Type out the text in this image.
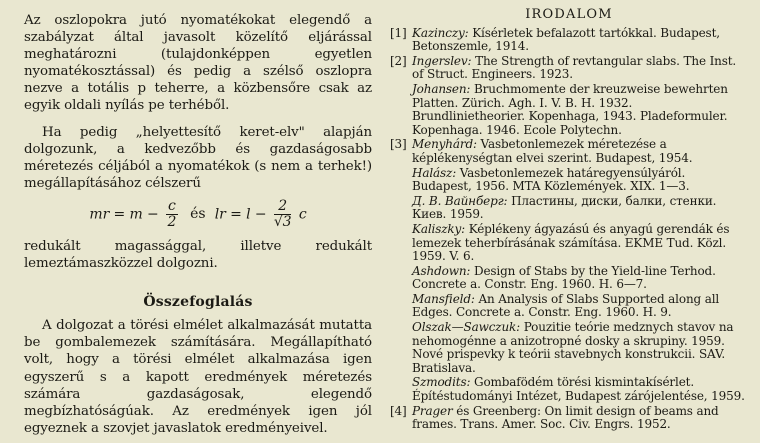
Az oszlopokra jutó nyomatékokat elegendő a szabályzat által javasolt közelítő eljárással meghatározni (tulajdonképpen egyetlen nyomatékosztással) és pedig a szélső oszlopra nezve a totális p teherre, a közbensőre csak az egyik oldali nyílás pe terhéből.

Ha pedig „helyettesítő keret-elv" alapján dolgozunk, a kedvezőbb és gazdaságosabb méretezés céljából a nyomatékok (s nem a terhek!) megállapításához célszerű

mr = $m - \frac{c}{2}$ és lr = $l - \frac{2}{√3}$ c

redukált magassággal, illetve redukált lemeztámaszközzel dolgozni.

Összefoglalás

A dolgozat a törési elmélet alkalmazását mutatta be gombalemezek számítására. Megállapítható volt, hogy a törési elmélet alkalmazása igen egyszerű s a kapott eredmények méretezés számára gazdaságosak, elegendő megbízhatóságúak. Az eredmények igen jól egyeznek a szovjet javaslatok eredményeivel.

IRODALOM
[1] Kazinczy: Kísérletek befalazott tartókkal. Budapest, Betonszemle, 1914.

[2] Ingerslev: The Strength of revtangular slabs. The Inst. of Struct. Engineers. 1923.

Johansen: Bruchmomente der kreuzweise bewehrten Platten. Zürich. Agh. I. V. B. H. 1932. Brundlinietheorier. Kopenhaga, 1943. Pladeformuler. Kopenhaga. 1946. Ecole Polytechn.

[3] Menyhárd: Vasbetonlemezek méretezése a képlékenységtan elvei szerint. Budapest, 1954.

Halász: Vasbetonlemezek határegyensúlyáról. Budapest, 1956. MTA Közlemények. XIX. 1—3.

Д. В. Вайнберг: Пластины, диски, балки, стенки. Киев. 1959.

Kaliszky: Képlékeny ágyazású és anyagú gerendák és lemezek teherbírásának számítása. EKME Tud. Közl. 1959. V. 6.

Ashdown: Design of Stabs by the Yield-line Terhod. Concrete a. Constr. Eng. 1960. H. 6—7.

Mansfield: An Analysis of Slabs Supported along all Edges. Concrete a. Constr. Eng. 1960. H. 9.

Olszak—Sawczuk: Pouzitie teórie medznych stavov na nehomogénne a anizotropné dosky a skrupiny. 1959. Nové prispevky k teórii stavebnych konstrukcii. SAV. Bratislava.

Szmodits: Gombafödém törési kismintakísérlet. Építéstudományi Intézet, Budapest zárójelentése, 1959.

[4] Prager és Greenberg: On limit design of beams and frames. Trans. Amer. Soc. Civ. Engrs. 1952.
